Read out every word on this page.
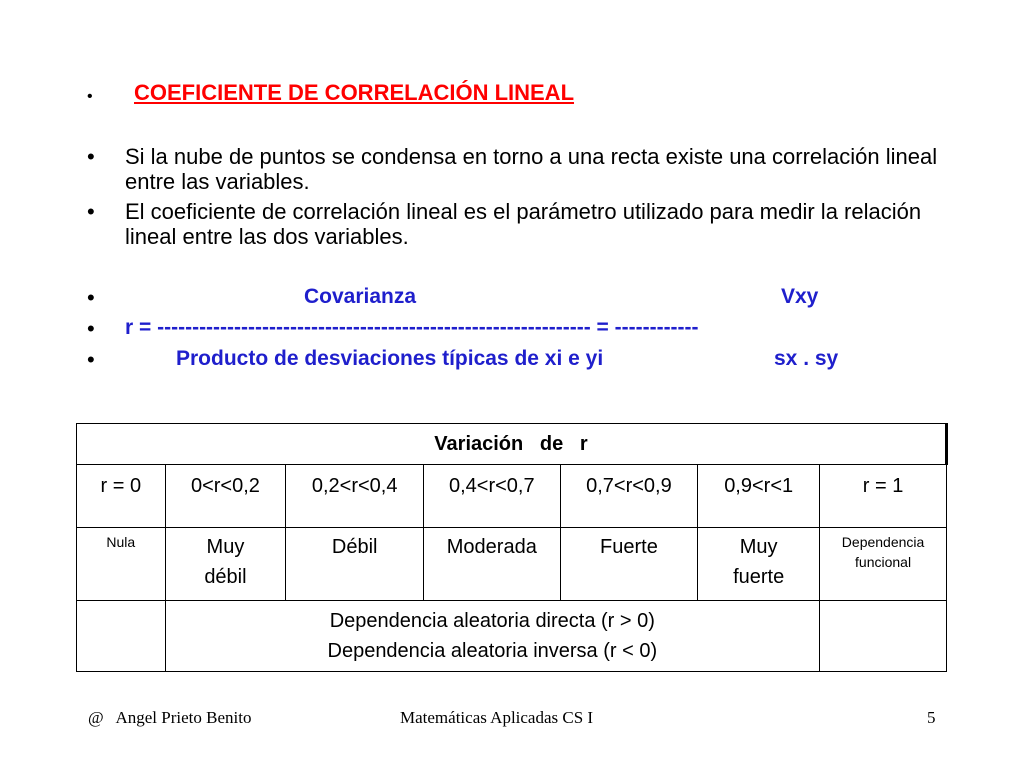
• COEFICIENTE DE CORRELACIÓN LINEAL
• Si la nube de puntos se condensa en torno a una recta existe una correlación lineal entre las variables.
• El coeficiente de correlación lineal es el parámetro utilizado para medir la relación lineal entre las dos variables.
•	Covarianza	Vxy
• r = -------------------------------------------------------------- = ------------
•	Producto de desviaciones típicas de xi e yi	sx . sy
Variación   de   r						
r = 0	0<r<0,2	0,2<r<0,4	0,4<r<0,7	0,7<r<0,9	0,9<r<1	r = 1
Nula	Muy débil	Débil	Moderada	Fuerte	Muy fuerte	Dependencia funcional

	Dependencia aleatoria directa (r > 0)
Dependencia aleatoria inversa (r < 0)					

@   Angel Prieto Benito	Matemáticas Aplicadas CS I	5
